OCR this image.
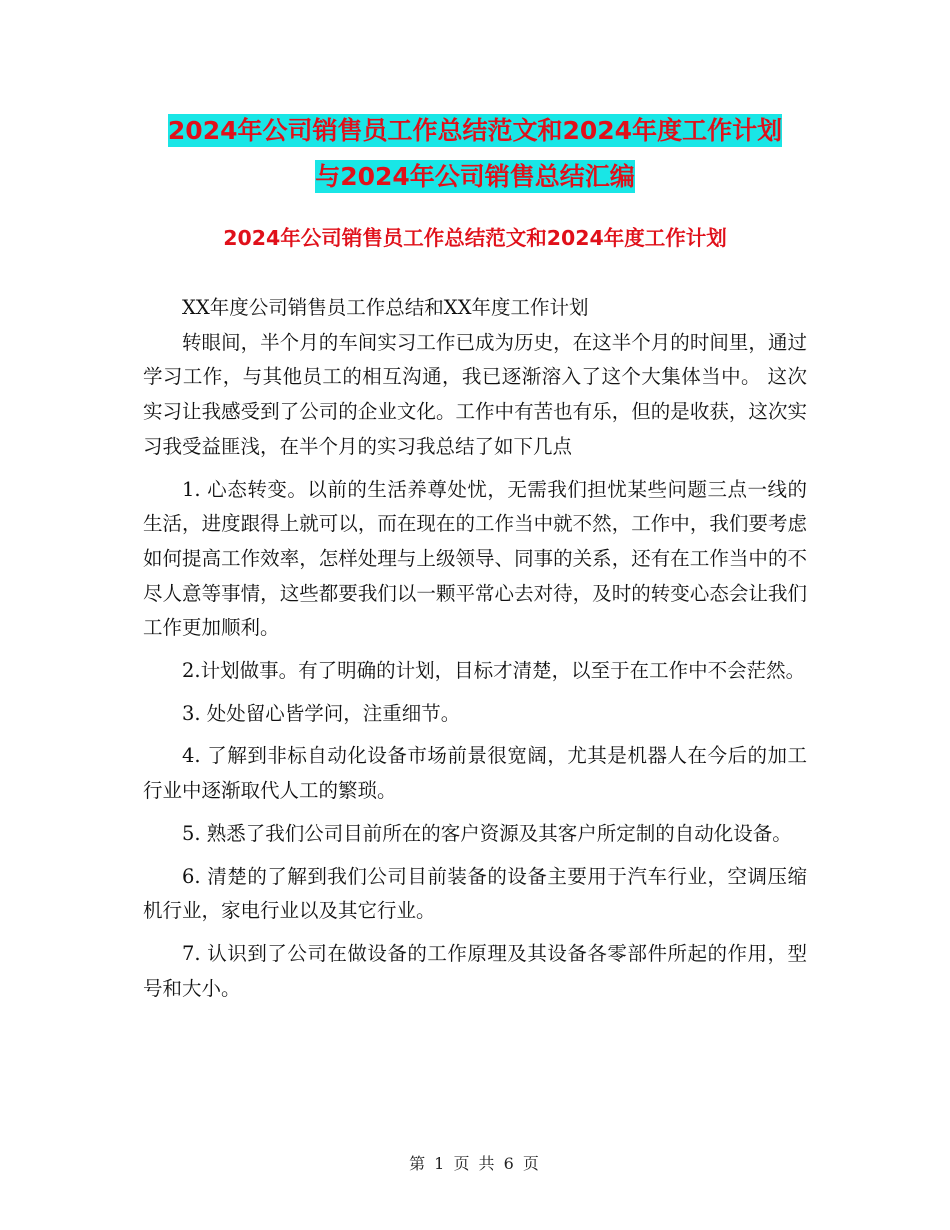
2024年公司销售员工作总结范文和2024年度工作计划
与2024年公司销售总结汇编
2024年公司销售员工作总结范文和2024年度工作计划

XX年度公司销售员工作总结和XX年度工作计划

转眼间，半个月的车间实习工作已成为历史，在这半个月的时间里，通过学习工作，与其他员工的相互沟通，我已逐渐溶入了这个大集体当中。 这次实习让我感受到了公司的企业文化。工作中有苦也有乐，但的是收获，这次实习我受益匪浅，在半个月的实习我总结了如下几点

1. 心态转变。以前的生活养尊处忧，无需我们担忧某些问题三点一线的生活，进度跟得上就可以，而在现在的工作当中就不然，工作中，我们要考虑如何提高工作效率，怎样处理与上级领导、同事的关系，还有在工作当中的不尽人意等事情，这些都要我们以一颗平常心去对待，及时的转变心态会让我们工作更加顺利。

2.计划做事。有了明确的计划，目标才清楚，以至于在工作中不会茫然。

3. 处处留心皆学问，注重细节。

4. 了解到非标自动化设备市场前景很宽阔，尤其是机器人在今后的加工行业中逐渐取代人工的繁琐。

5. 熟悉了我们公司目前所在的客户资源及其客户所定制的自动化设备。

6. 清楚的了解到我们公司目前装备的设备主要用于汽车行业，空调压缩机行业，家电行业以及其它行业。

7. 认识到了公司在做设备的工作原理及其设备各零部件所起的作用，型号和大小。

第 1 页 共 6 页
